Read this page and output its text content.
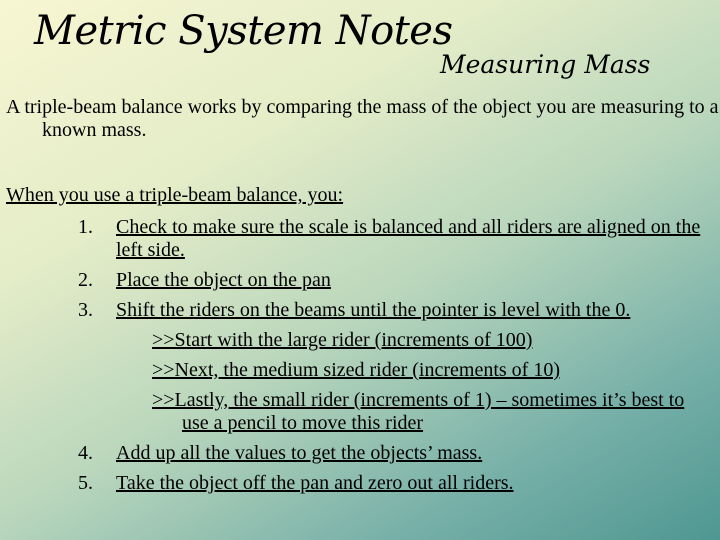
Metric System Notes
Measuring Mass

A triple-beam balance works by comparing the mass of the object you are measuring to a known mass.

When you use a triple-beam balance, you:

1. Check to make sure the scale is balanced and all riders are aligned on the left side.
2. Place the object on the pan
3. Shift the riders on the beams until the pointer is level with the 0.
>>Start with the large rider (increments of 100)
>>Next, the medium sized rider (increments of 10)
>>Lastly, the small rider (increments of 1) – sometimes it’s best to use a pencil to move this rider
4. Add up all the values to get the objects’ mass.
5. Take the object off the pan and zero out all riders.
